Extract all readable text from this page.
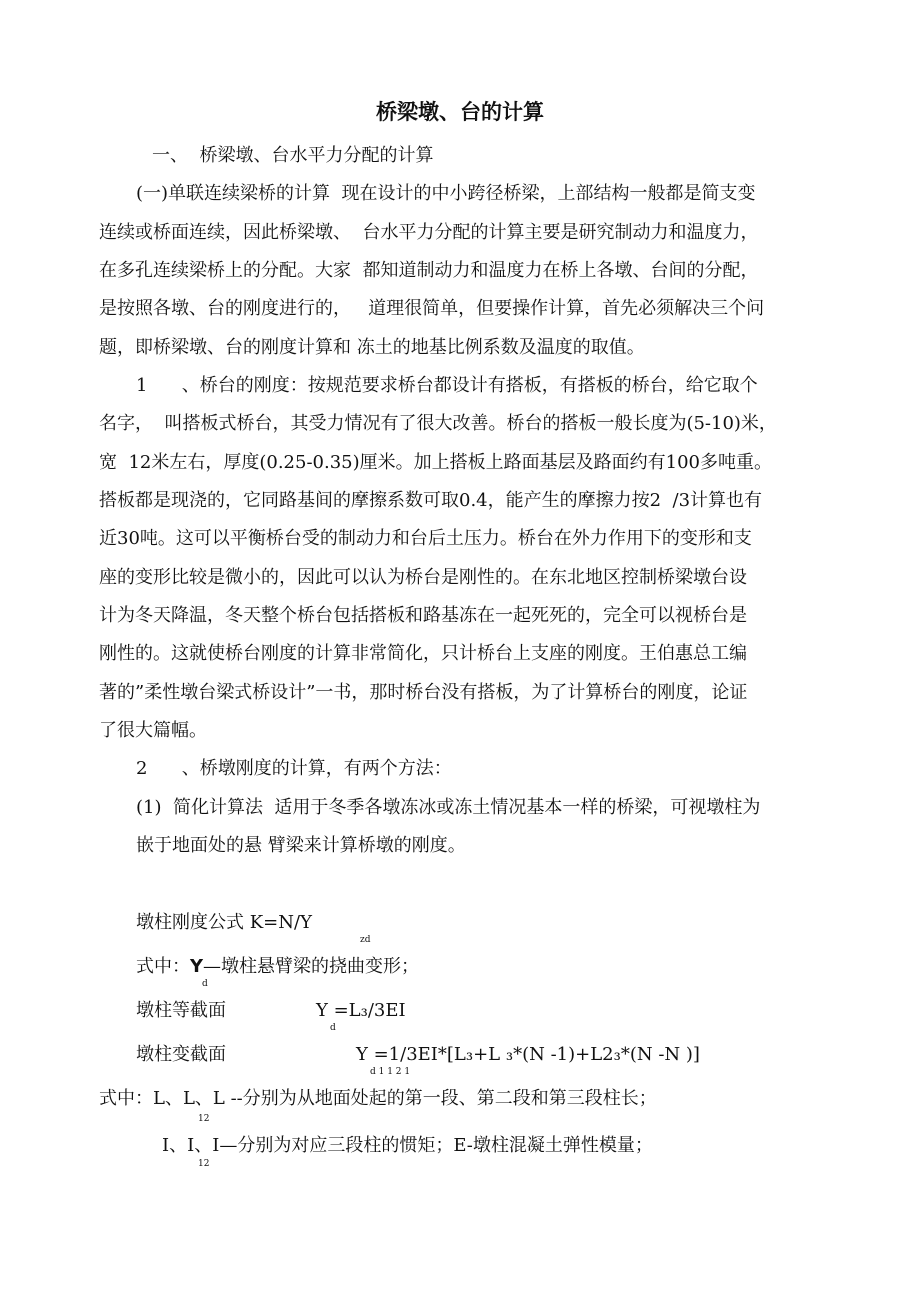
桥梁墩、台的计算
一、  桥梁墩、台水平力分配的计算
(一)单联连续梁桥的计算  现在设计的中小跨径桥梁，上部结构一般都是简支变
连续或桥面连续，因此桥梁墩、  台水平力分配的计算主要是研究制动力和温度力，
在多孔连续梁桥上的分配。大家  都知道制动力和温度力在桥上各墩、台间的分配，
是按照各墩、台的刚度进行的，   道理很简单，但要操作计算，首先必须解决三个问
题，即桥梁墩、台的刚度计算和 冻土的地基比例系数及温度的取值。
1      、桥台的刚度：按规范要求桥台都设计有搭板，有搭板的桥台，给它取个
名字，  叫搭板式桥台，其受力情况有了很大改善。桥台的搭板一般长度为(5-10)米，
宽  12米左右，厚度(0.25-0.35)厘米。加上搭板上路面基层及路面约有100多吨重。
搭板都是现浇的，它同路基间的摩擦系数可取0.4，能产生的摩擦力按2  /3计算也有
近30吨。这可以平衡桥台受的制动力和台后土压力。桥台在外力作用下的变形和支
座的变形比较是微小的，因此可以认为桥台是刚性的。在东北地区控制桥梁墩台设
计为冬天降温，冬天整个桥台包括搭板和路基冻在一起死死的，完全可以视桥台是
刚性的。这就使桥台刚度的计算非常简化，只计桥台上支座的刚度。王伯惠总工编
著的”柔性墩台梁式桥设计”一书，那时桥台没有搭板，为了计算桥台的刚度，论证
了很大篇幅。
2      、桥墩刚度的计算，有两个方法：
(1)  简化计算法  适用于冬季各墩冻冰或冻土情况基本一样的桥梁，可视墩柱为
嵌于地面处的悬 臂梁来计算桥墩的刚度。
墩柱刚度公式 K=N/Y
zd
式中：Y—墩柱悬臂梁的挠曲变形；
d
墩柱等截面	Y =L₃/3EI
d
墩柱变截面	Y =1/3EI*[L₃+L ₃*(N -1)+L2₃*(N -N )]
d 1 1 2 1
式中：L、L、L --分别为从地面处起的第一段、第二段和第三段柱长；
12
I、I、I—分别为对应三段柱的惯矩；E-墩柱混凝土弹性模量；
12
